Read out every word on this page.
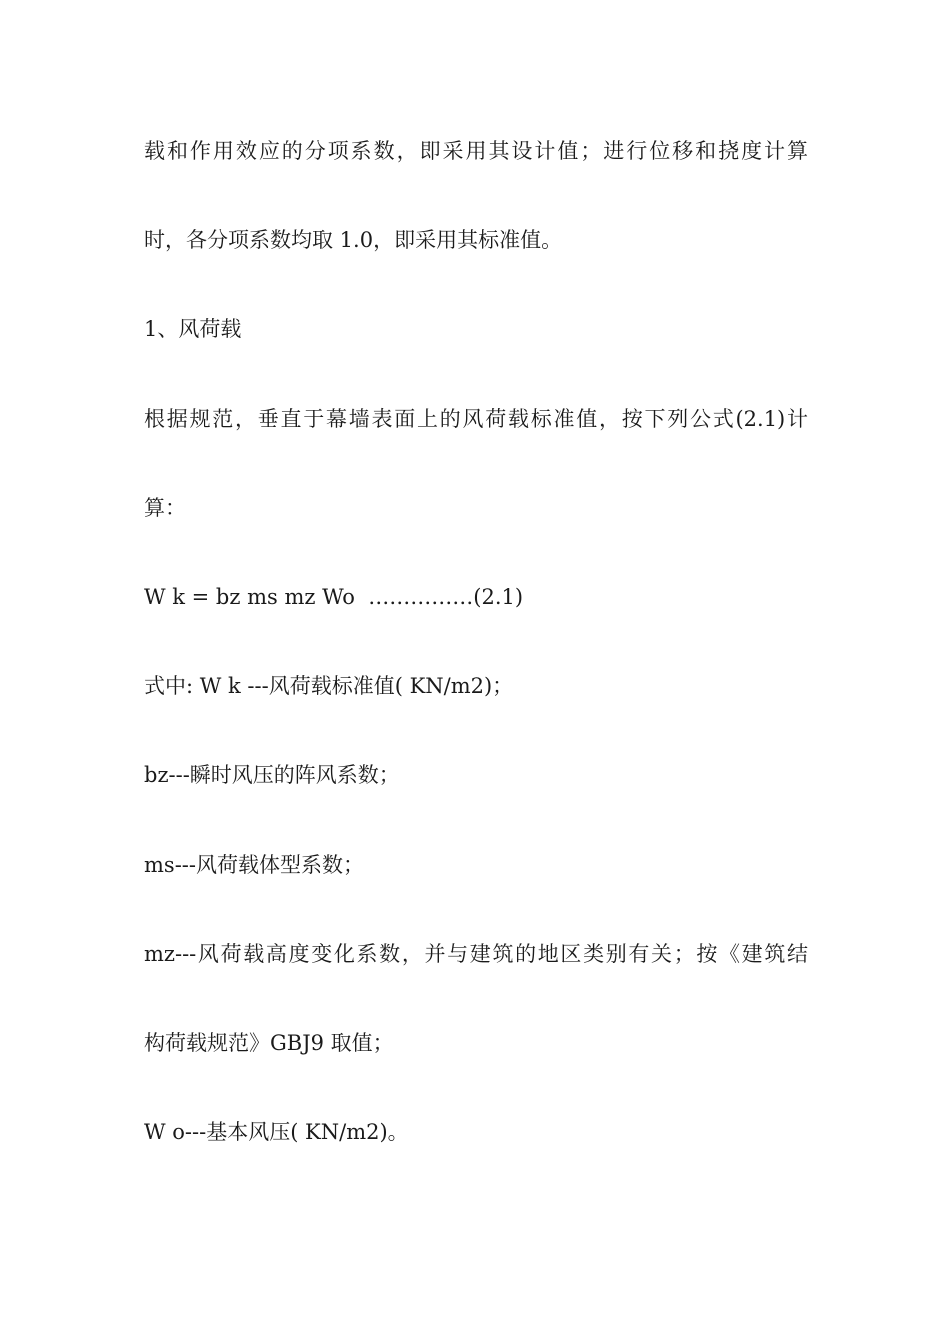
载和作用效应的分项系数，即采用其设计值；进行位移和挠度计算

时，各分项系数均取 1.0，即采用其标准值。

1、风荷载

根据规范，垂直于幕墙表面上的风荷载标准值，按下列公式(2.1)计

算：

W k = bz ms mz Wo  ……………(2.1)

式中: W k ---风荷载标准值( KN/m2)；

bz---瞬时风压的阵风系数；

ms---风荷载体型系数；

mz---风荷载高度变化系数，并与建筑的地区类别有关；按《建筑结

构荷载规范》GBJ9 取值；

W o---基本风压( KN/m2)。
